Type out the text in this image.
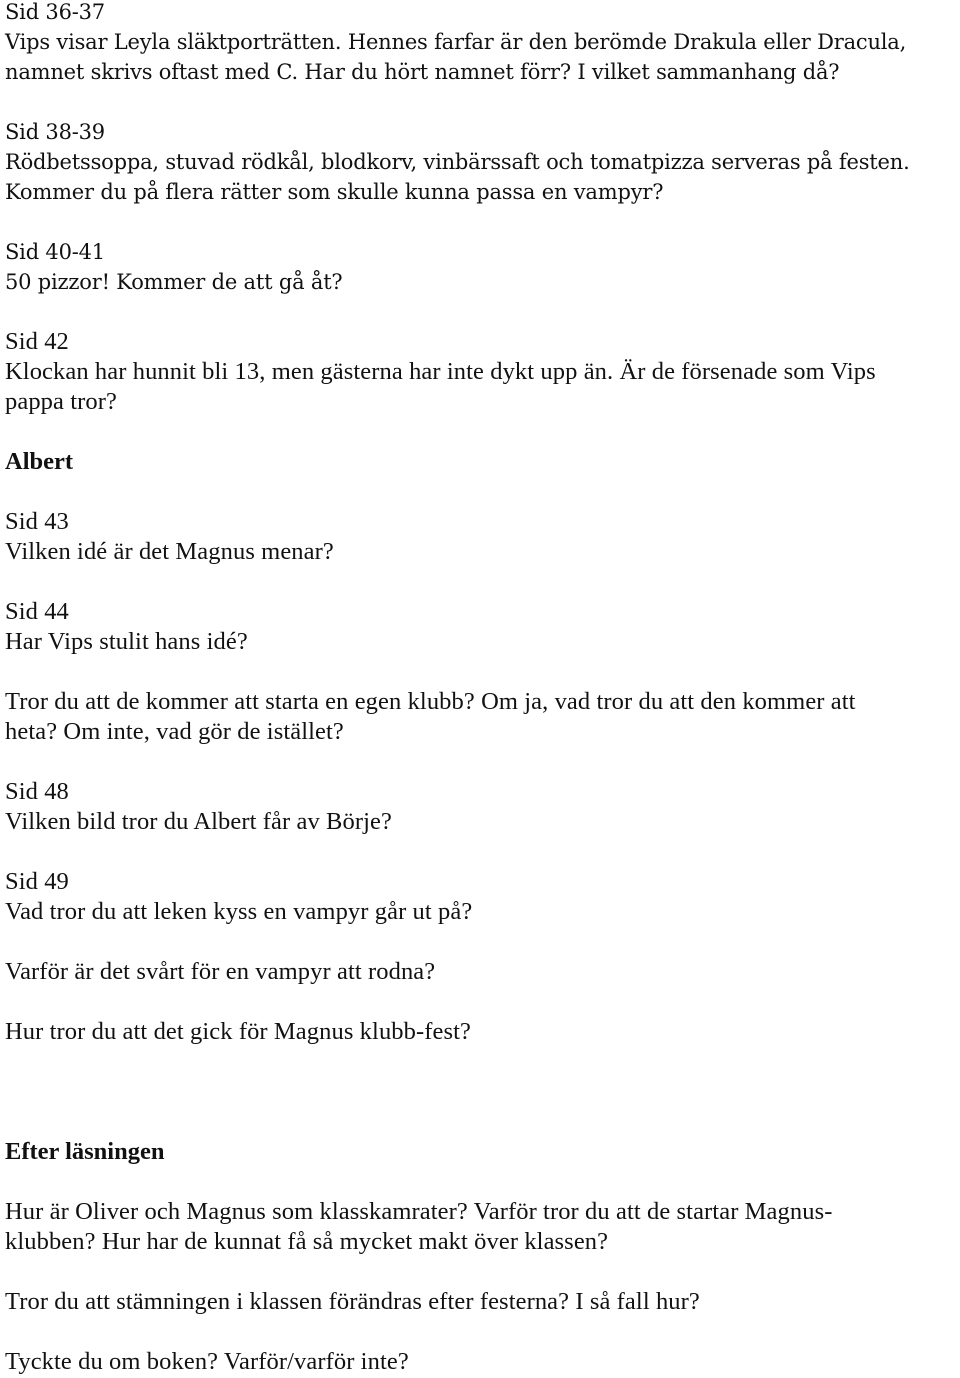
Sid 36-37
Vips visar Leyla släktporträtten. Hennes farfar är den berömde Drakula eller Dracula,
namnet skrivs oftast med C. Har du hört namnet förr? I vilket sammanhang då?
Sid 38-39
Rödbetssoppa, stuvad rödkål, blodkorv, vinbärssaft och tomatpizza serveras på festen.
Kommer du på flera rätter som skulle kunna passa en vampyr?
Sid 40-41
50 pizzor! Kommer de att gå åt?
Sid 42
Klockan har hunnit bli 13, men gästerna har inte dykt upp än. Är de försenade som Vips
pappa tror?
Albert
Sid 43
Vilken idé är det Magnus menar?
Sid 44
Har Vips stulit hans idé?
Tror du att de kommer att starta en egen klubb? Om ja, vad tror du att den kommer att
heta? Om inte, vad gör de istället?
Sid 48
Vilken bild tror du Albert får av Börje?
Sid 49
Vad tror du att leken kyss en vampyr går ut på?
Varför är det svårt för en vampyr att rodna?
Hur tror du att det gick för Magnus klubb-fest?
Efter läsningen
Hur är Oliver och Magnus som klasskamrater? Varför tror du att de startar Magnus-
klubben? Hur har de kunnat få så mycket makt över klassen?
Tror du att stämningen i klassen förändras efter festerna? I så fall hur?
Tyckte du om boken? Varför/varför inte?
